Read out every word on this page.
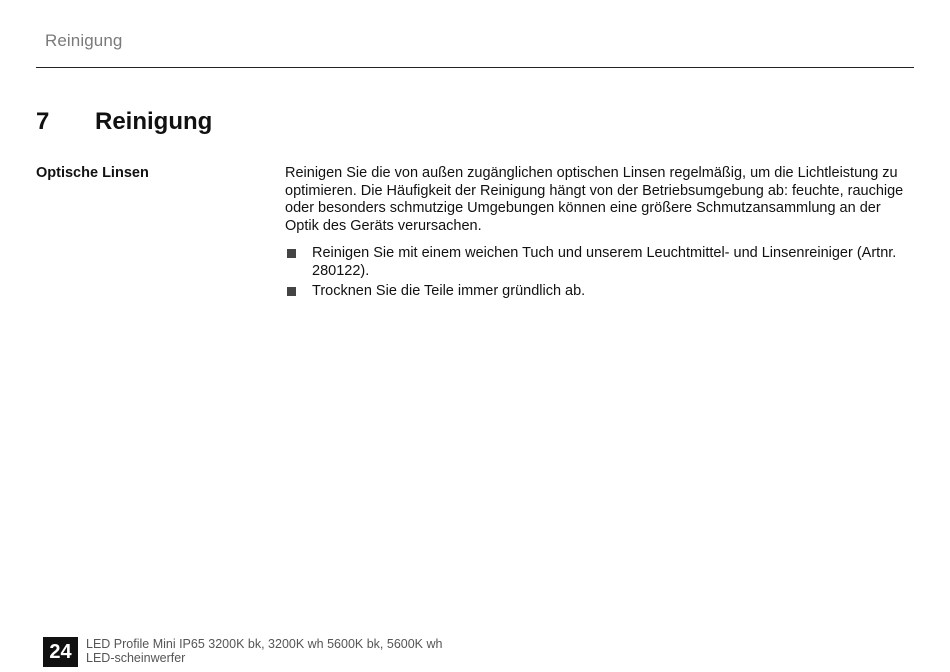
Reinigung
7 Reinigung
Optische Linsen	Reinigen Sie die von außen zugänglichen optischen Linsen regelmäßig, um die Lichtleistung zu optimieren. Die Häufigkeit der Reinigung hängt von der Betriebsumgebung ab: feuchte, rauchige oder besonders schmutzige Umgebungen können eine größere Schmutzansammlung an der Optik des Geräts verursachen.

Reinigen Sie mit einem weichen Tuch und unserem Leuchtmittel- und Linsenreiniger (Artnr. 280122).
Trocknen Sie die Teile immer gründlich ab.
24	LED Profile Mini IP65 3200K bk, 3200K wh 5600K bk, 5600K wh
LED-scheinwerfer
